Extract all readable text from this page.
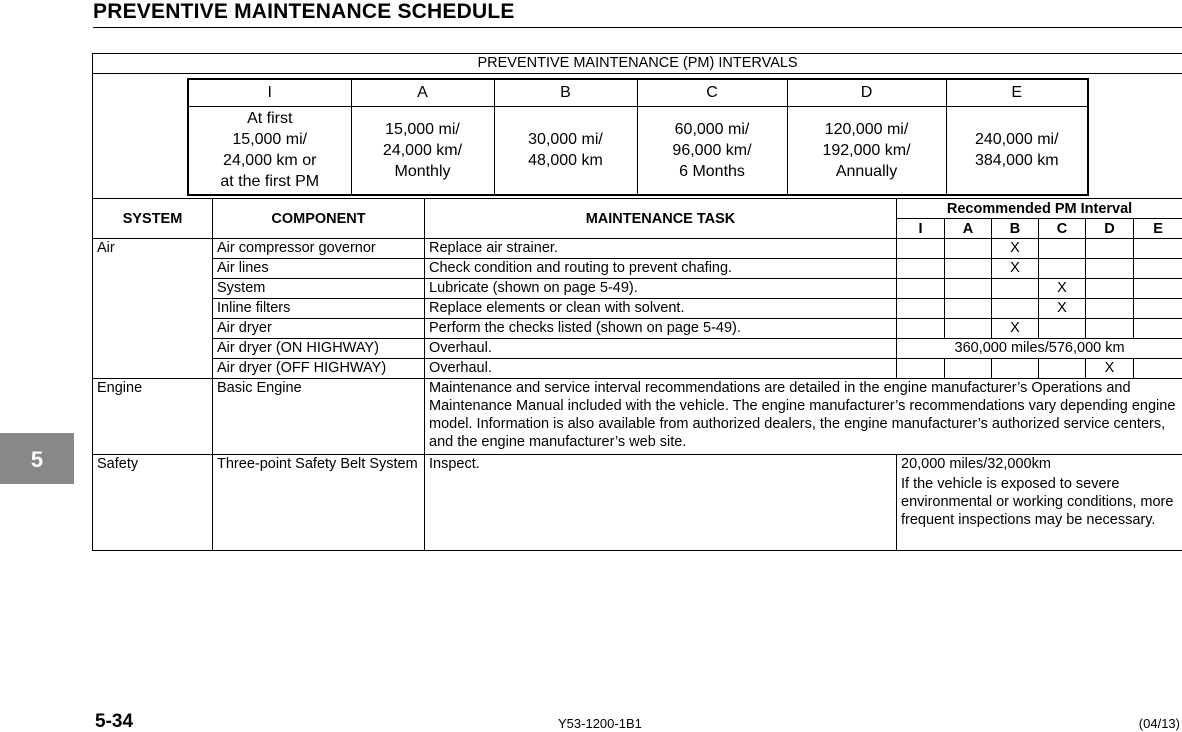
PREVENTIVE MAINTENANCE SCHEDULE
5
PREVENTIVE MAINTENANCE (PM) INTERVALS

I	A	B	C	D	E
At first
15,000 mi/
24,000 km or
at the first PM	15,000 mi/
24,000 km/
Monthly	30,000 mi/
48,000 km	60,000 mi/
96,000 km/
6 Months	120,000 mi/
192,000 km/
Annually	240,000 mi/
384,000 km

SYSTEM	COMPONENT	MAINTENANCE TASK	Recommended PM Interval
I	A	B	C	D	E
Air	Air compressor governor	Replace air strainer.			X			
Air lines	Check condition and routing to prevent chafing.			X			
System	Lubricate (shown on page 5-49).				X		
Inline filters	Replace elements or clean with solvent.				X		
Air dryer	Perform the checks listed (shown on page 5-49).			X			
Air dryer (ON HIGHWAY)	Overhaul.	360,000 miles/576,000 km
Air dryer (OFF HIGHWAY)	Overhaul.					X	
Engine	Basic Engine	Maintenance and service interval recommendations are detailed in the engine manufacturer’s Operations and Maintenance Manual included with the vehicle. The engine manufacturer’s recommendations vary depending engine model. Information is also available from authorized dealers, the engine manufacturer’s authorized service centers, and the engine manufacturer’s web site.
Safety	Three-point Safety Belt System	Inspect.	20,000 miles/32,000km
If the vehicle is exposed to severe environmental or working conditions, more frequent inspections may be necessary.
5-34	Y53-1200-1B1	(04/13)
